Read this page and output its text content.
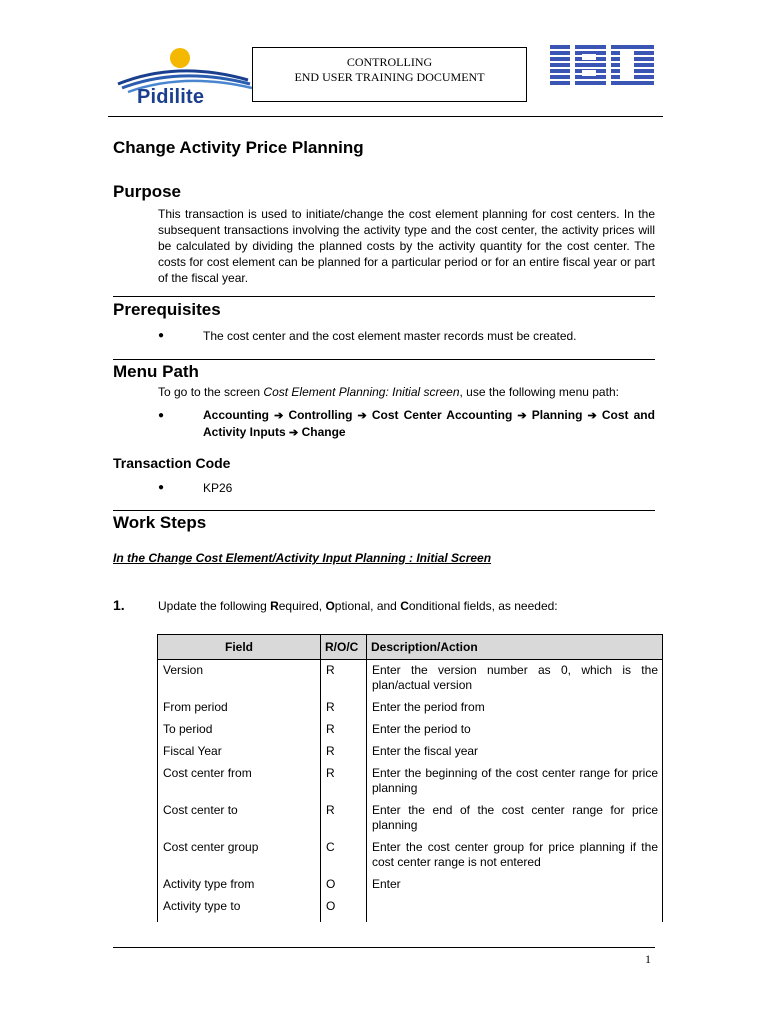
Pidilite
CONTROLLING
END USER TRAINING DOCUMENT
Change Activity Price Planning
Purpose
This transaction is used to initiate/change the cost element planning for cost centers. In the subsequent transactions involving the activity type and the cost center, the activity prices will be calculated by dividing the planned costs by the activity quantity for the cost center. The costs for cost element can be planned for a particular period or for an entire fiscal year or part of the fiscal year.
Prerequisites
●	The cost center and the cost element master records must be created.
Menu Path
To go to the screen Cost Element Planning: Initial screen, use the following menu path:
●	Accounting ➔ Controlling ➔ Cost Center Accounting ➔ Planning ➔ Cost and Activity Inputs ➔ Change
Transaction Code
●	KP26
Work Steps
In the Change Cost Element/Activity Input Planning : Initial Screen
1.	Update the following Required, Optional, and Conditional fields, as needed:
Field	R/O/C	Description/Action
Version	R	Enter the version number as 0, which is the plan/actual version
From period	R	Enter the period from
To period	R	Enter the period to
Fiscal Year	R	Enter the fiscal year
Cost center from	R	Enter the beginning of the cost center range for price planning
Cost center to	R	Enter the end of the cost center range for price planning
Cost center group	C	Enter the cost center group for price planning if the cost center range is not entered
Activity type from	O	Enter
Activity type to	O	
1
